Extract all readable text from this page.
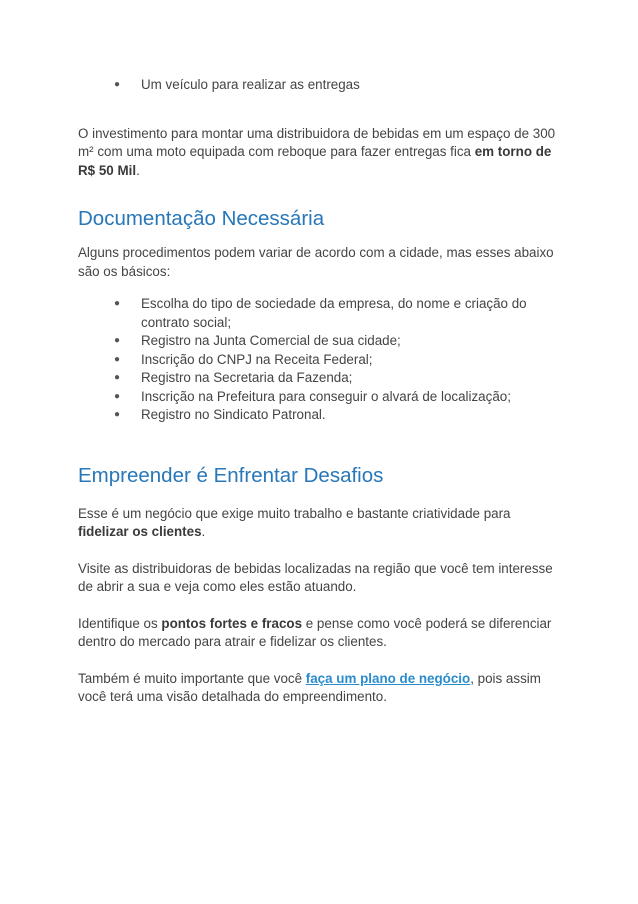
● Um veículo para realizar as entregas

O investimento para montar uma distribuidora de bebidas em um espaço de 300 m² com uma moto equipada com reboque para fazer entregas fica em torno de R$ 50 Mil.

Documentação Necessária

Alguns procedimentos podem variar de acordo com a cidade, mas esses abaixo são os básicos:

● Escolha do tipo de sociedade da empresa, do nome e criação do contrato social;
● Registro na Junta Comercial de sua cidade;
● Inscrição do CNPJ na Receita Federal;
● Registro na Secretaria da Fazenda;
● Inscrição na Prefeitura para conseguir o alvará de localização;
● Registro no Sindicato Patronal.
Empreender é Enfrentar Desafios

Esse é um negócio que exige muito trabalho e bastante criatividade para fidelizar os clientes.

Visite as distribuidoras de bebidas localizadas na região que você tem interesse de abrir a sua e veja como eles estão atuando.

Identifique os pontos fortes e fracos e pense como você poderá se diferenciar dentro do mercado para atrair e fidelizar os clientes.

Também é muito importante que você faça um plano de negócio, pois assim você terá uma visão detalhada do empreendimento.
